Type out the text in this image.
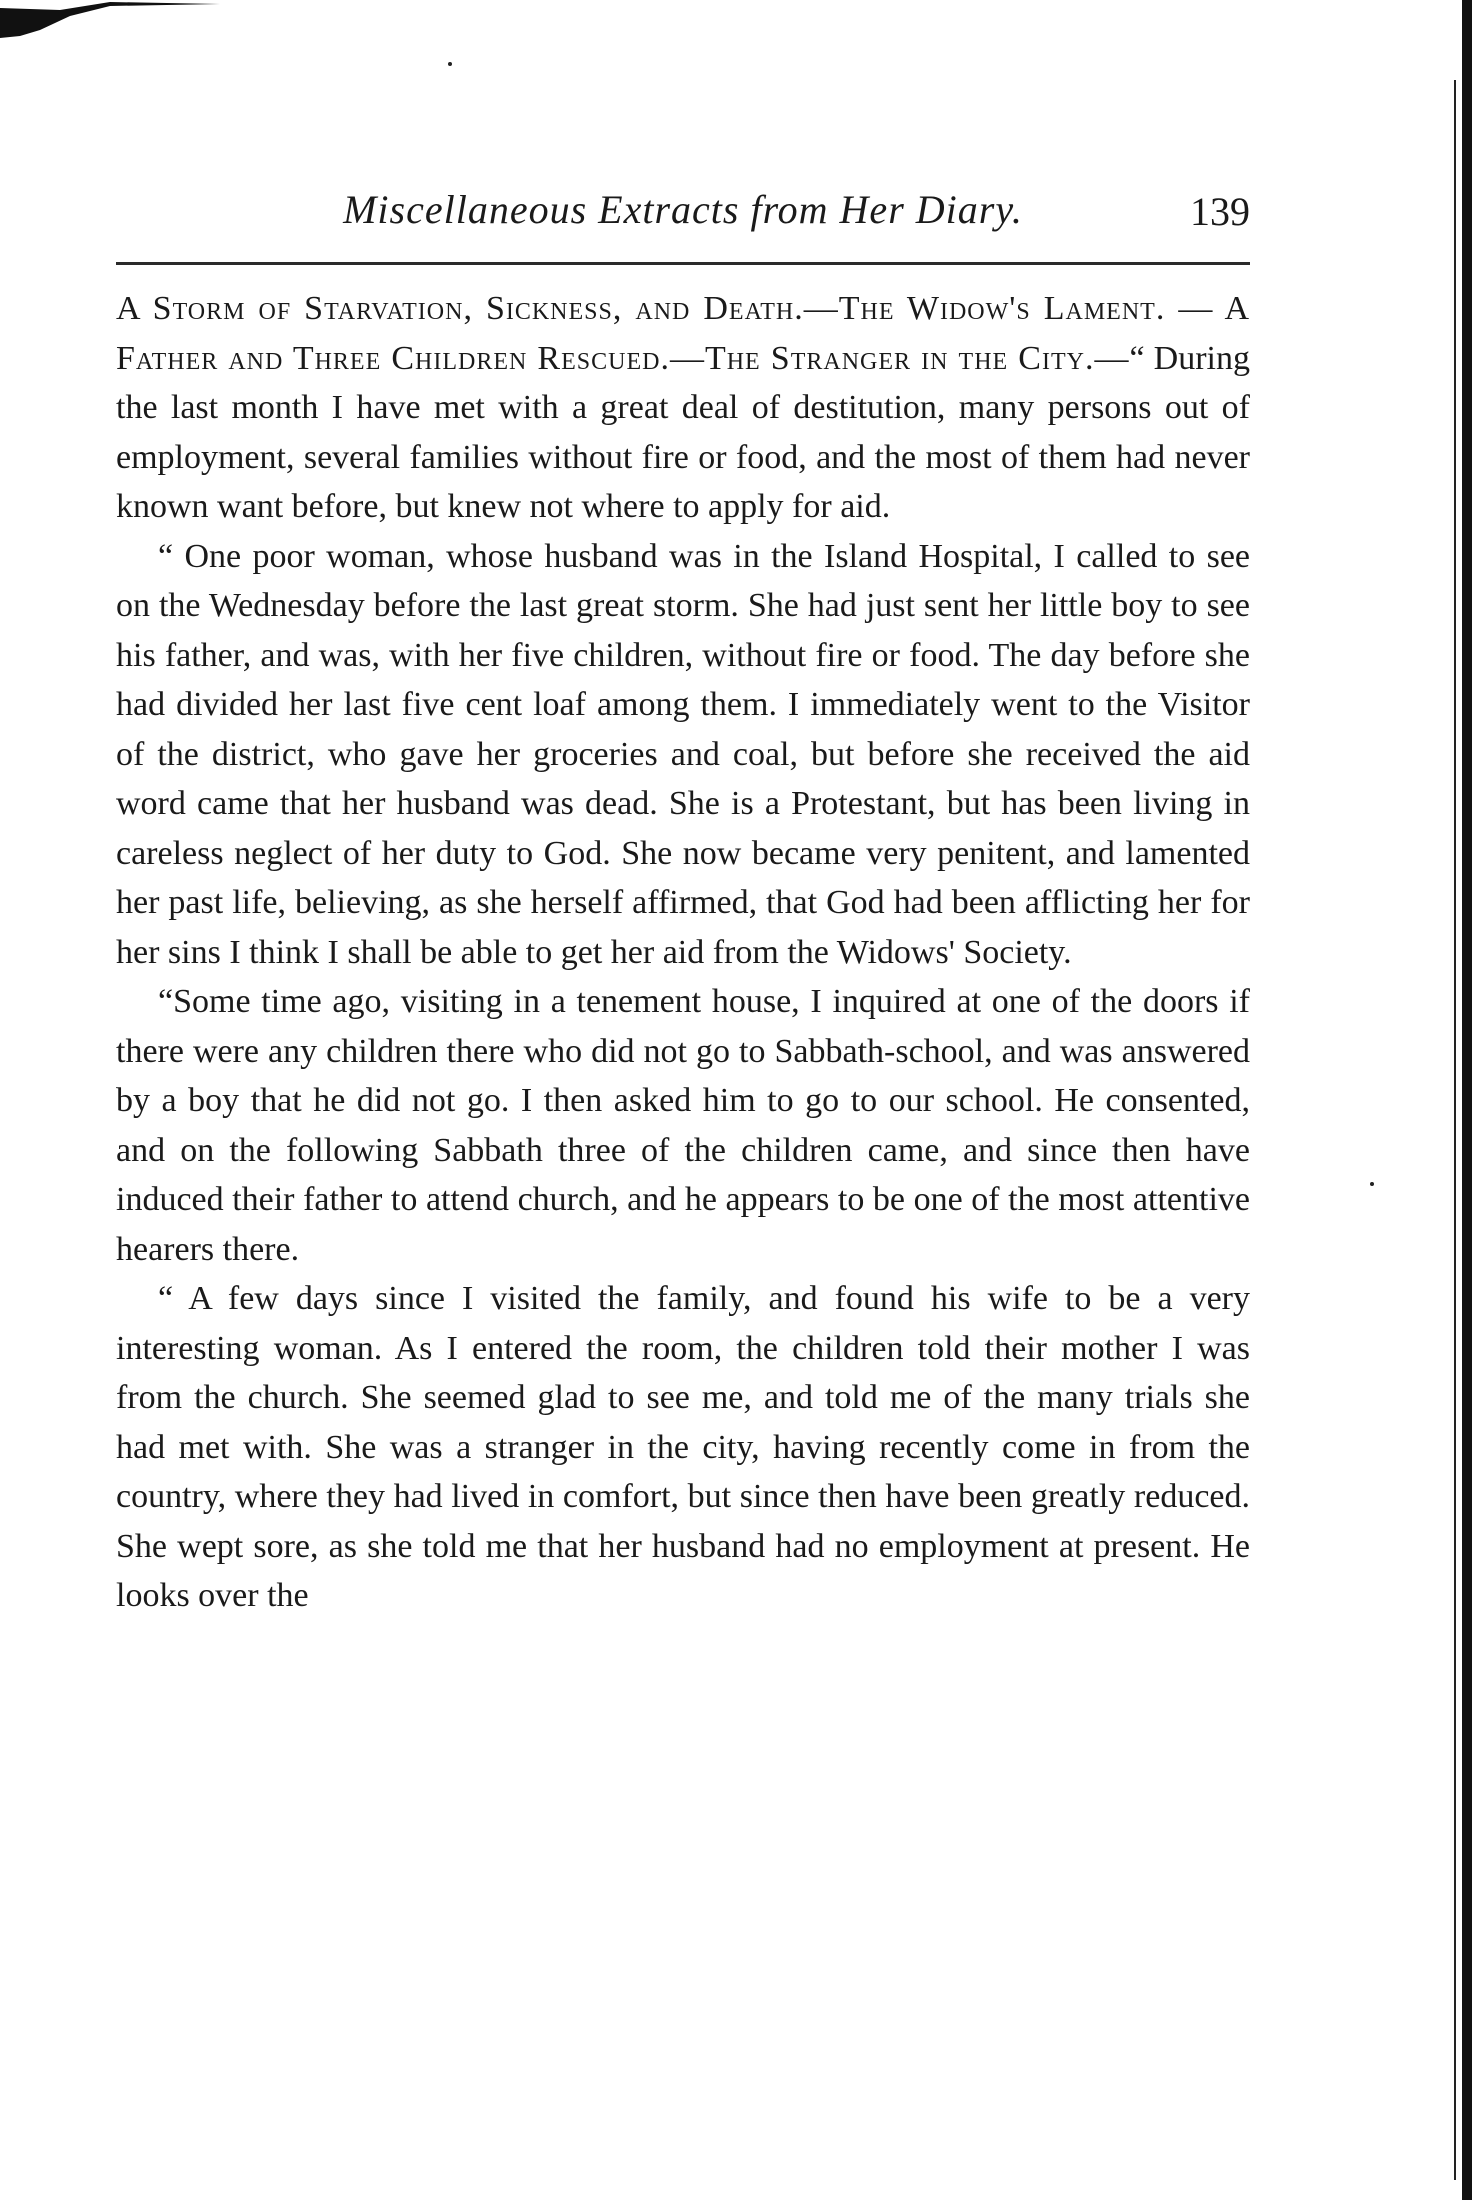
Miscellaneous Extracts from Her Diary.	139

A Storm of Starvation, Sickness, and Death.—The Widow's Lament. — A Father and Three Children Rescued.—The Stranger in the City.—“ During the last month I have met with a great deal of destitution, many persons out of employment, several families without fire or food, and the most of them had never known want before, but knew not where to apply for aid.

“ One poor woman, whose husband was in the Island Hospital, I called to see on the Wednesday before the last great storm. She had just sent her little boy to see his father, and was, with her five children, without fire or food. The day before she had divided her last five cent loaf among them. I immediately went to the Visitor of the district, who gave her groceries and coal, but before she received the aid word came that her husband was dead. She is a Protestant, but has been living in careless neglect of her duty to God. She now became very penitent, and lamented her past life, believing, as she herself affirmed, that God had been afflicting her for her sins I think I shall be able to get her aid from the Widows' Society.

“Some time ago, visiting in a tenement house, I inquired at one of the doors if there were any children there who did not go to Sabbath-school, and was answered by a boy that he did not go. I then asked him to go to our school. He consented, and on the following Sabbath three of the children came, and since then have induced their father to attend church, and he appears to be one of the most attentive hearers there.

“ A few days since I visited the family, and found his wife to be a very interesting woman. As I entered the room, the children told their mother I was from the church. She seemed glad to see me, and told me of the many trials she had met with. She was a stranger in the city, having recently come in from the country, where they had lived in comfort, but since then have been greatly reduced. She wept sore, as she told me that her husband had no employment at present. He looks over the
